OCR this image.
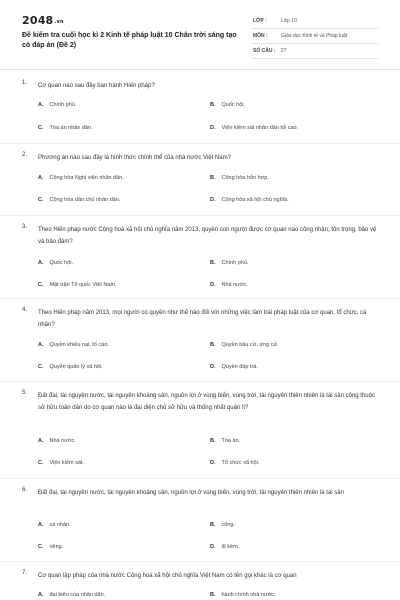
2048.vn
Đề kiểm tra cuối học kì 2 Kinh tế pháp luật 10 Chân trời sáng tạo có đáp án (Đề 2)
LỚP :	Lớp 10
MÔN :	Giáo dục Kinh tế và Pháp luật
SỐ CÂU :	27
1. Cơ quan nào sau đây ban hành Hiến pháp?
A. Chính phủ.	B. Quốc hội.
C. Tòa án nhân dân.	D. Viện kiểm sát nhân dân tối cao.
2. Phương án nào sau đây là hình thức chính thể của nhà nước Việt Nam?
A. Cộng hòa Nghị viện nhân dân.	B. Cộng hòa hỗn hợp.
C. Cộng hòa dân chủ nhân dân.	D. Cộng hòa xã hội chủ nghĩa.
3. Theo Hiến pháp nước Cộng hoà xã hội chủ nghĩa năm 2013, quyền con người được cơ quan nào công nhận, tôn trọng, bảo vệ và bảo đảm?
A. Quốc hội.	B. Chính phủ.
C. Mặt trận Tổ quốc Việt Nam.	D. Nhà nước.
4. Theo Hiến pháp năm 2013, mọi người có quyền như thế nào đối với những việc làm trái pháp luật của cơ quan, tổ chức, cá nhân?
A. Quyền khiếu nại, tố cáo.	B. Quyền bầu cử, ứng cử.
C. Quyền quản lý xã hội.	D. Quyền đáp trả.
5. Đất đai, tài nguyên nước, tài nguyên khoáng sản, nguồn lợi ở vùng biển, vùng trời, tài nguyên thiên nhiên là tài sản công thuộc sở hữu toàn dân do cơ quan nào là đại diện chủ sở hữu và thống nhất quản lí?
A. Nhà nước.	B. Tòa án.
C. Viện kiểm sát.	D. Tổ chức xã hội.
6. Đất đai, tài nguyên nước, tài nguyên khoáng sản, nguồn lợi ở vùng biển, vùng trời, tài nguyên thiên nhiên là tài sản
A. cá nhân.	B. công.
C. riêng.	D. đi kèm.
7. Cơ quan lập pháp của nhà nước Cộng hoà xã hội chủ nghĩa Việt Nam có tên gọi khác là cơ quan
A. đại biểu của nhân dân.	B. hành chính nhà nước.
